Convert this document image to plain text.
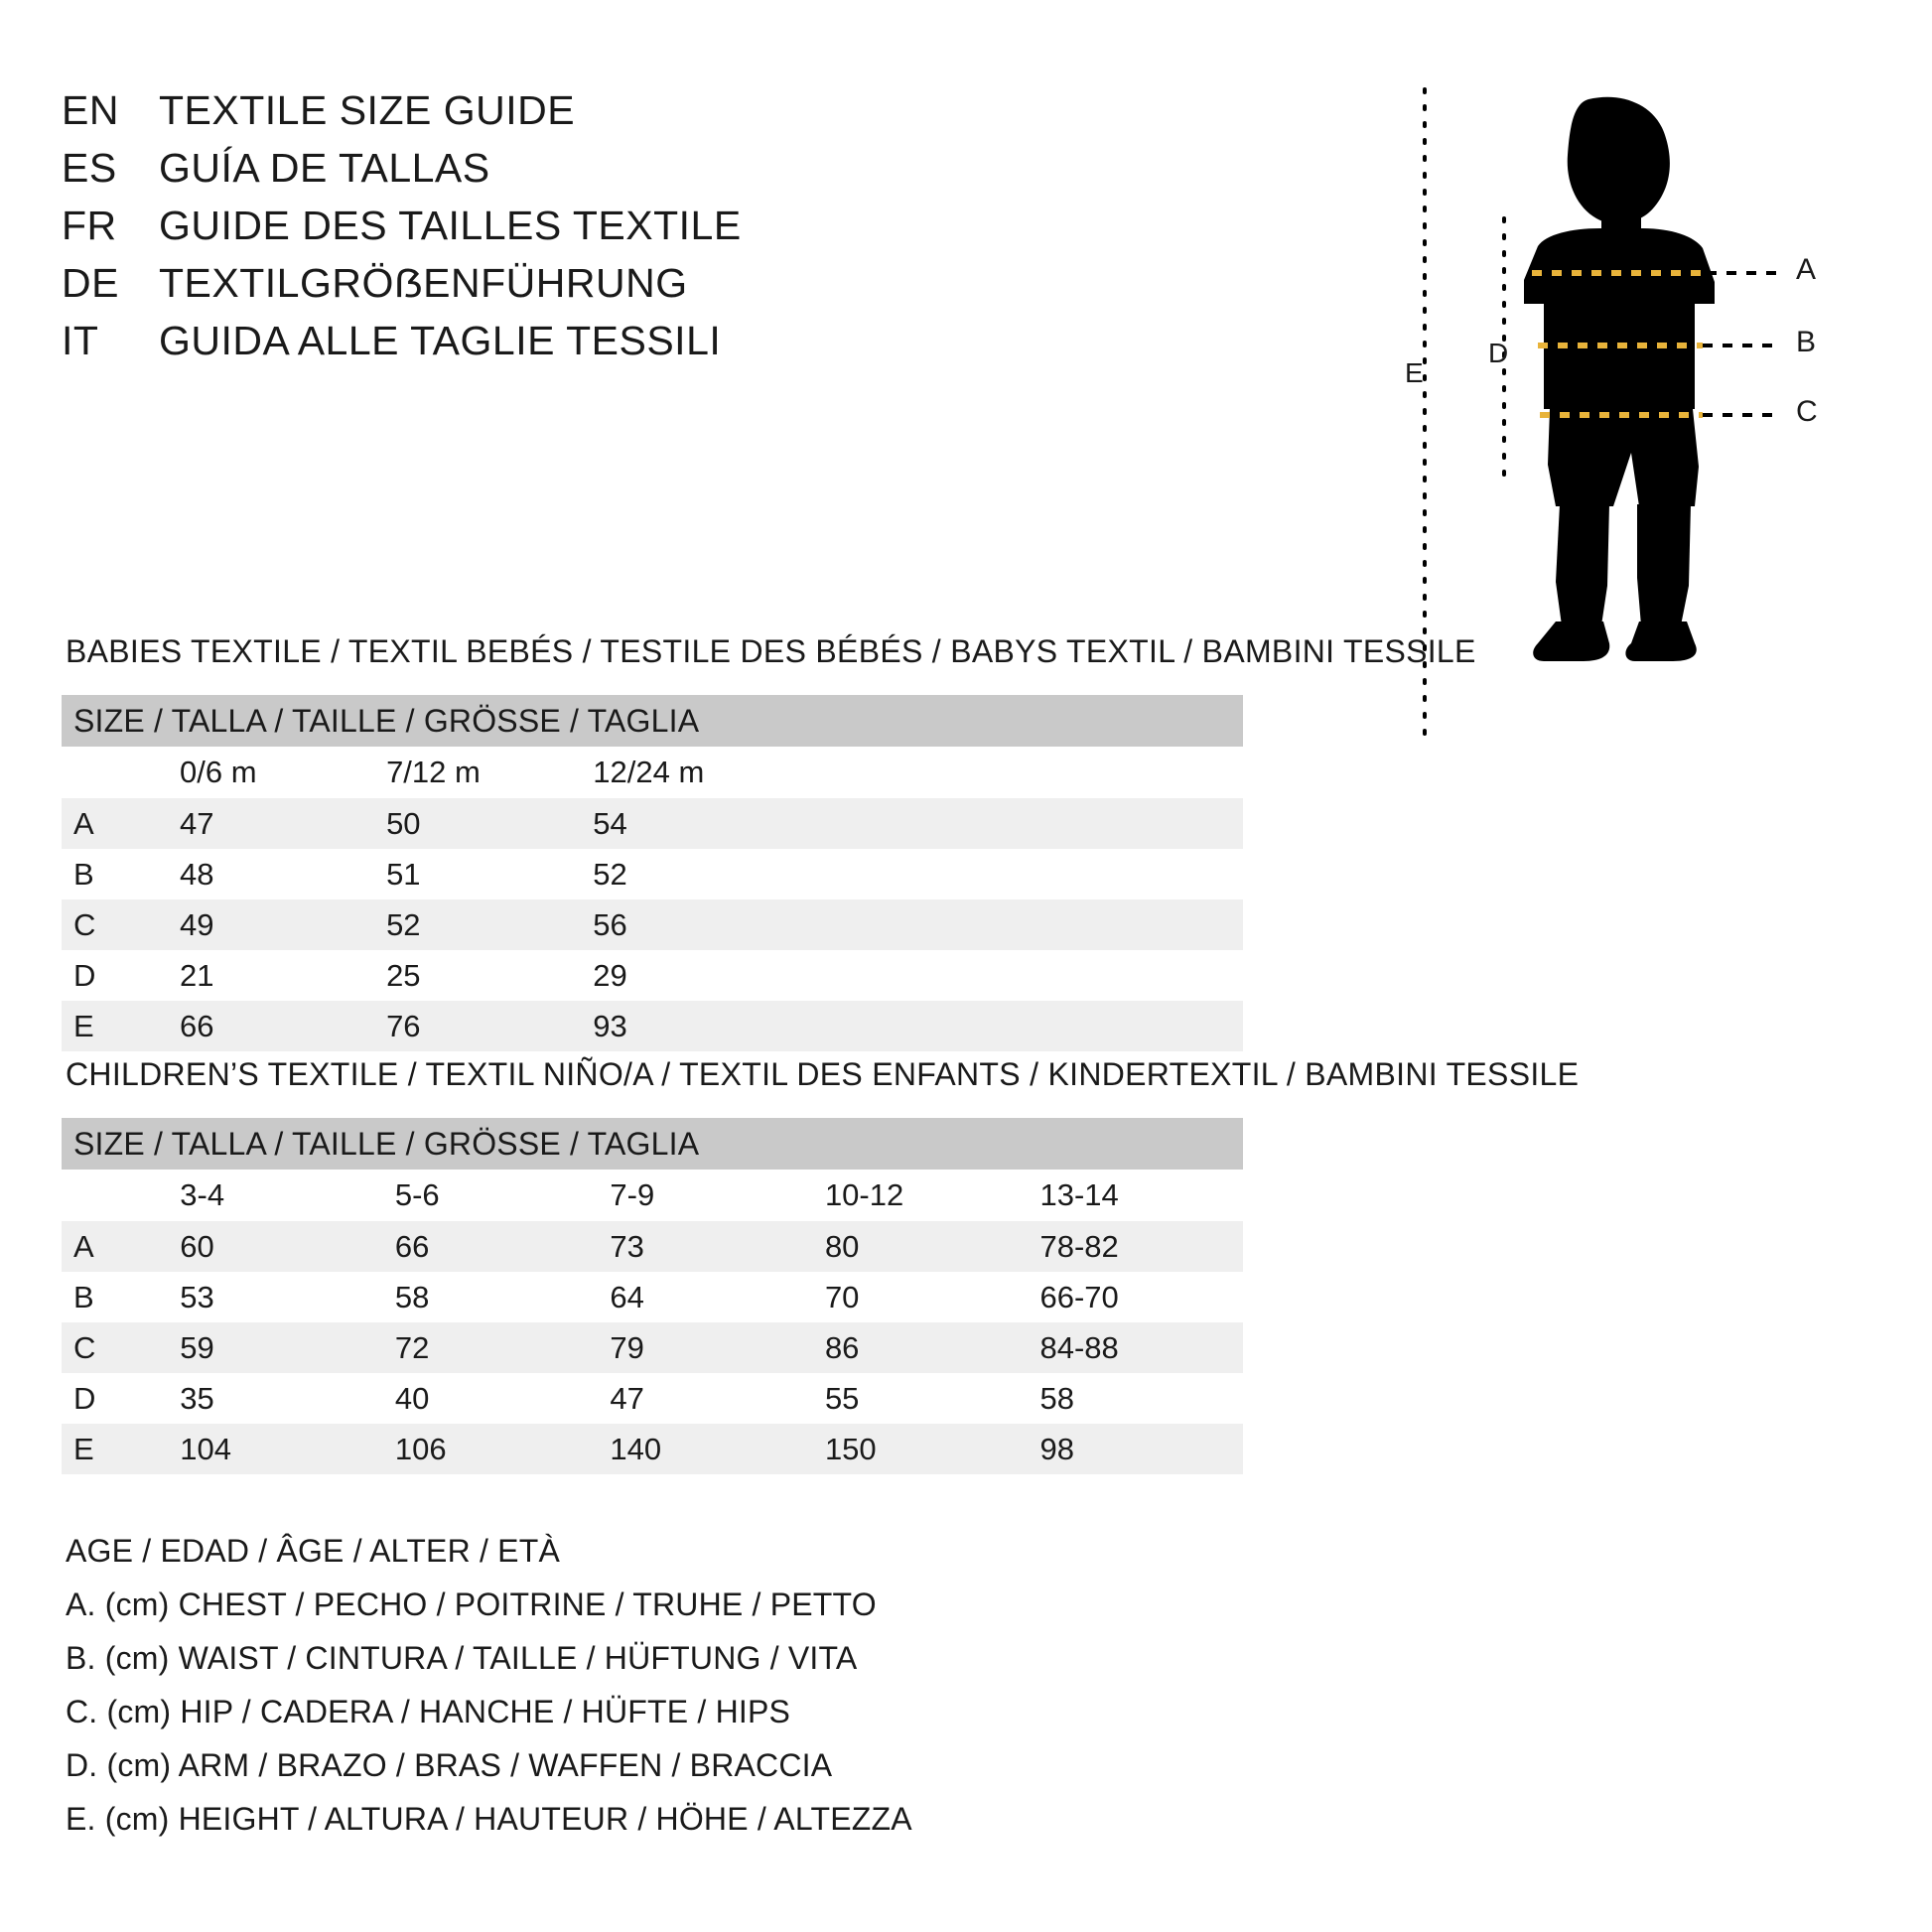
EN TEXTILE SIZE GUIDE
ES	GUÍA DE TALLAS
FR	GUIDE DES TAILLES TEXTILE
DE TEXTILGRÖẞENFÜHRUNG
IT	GUIDA ALLE TAGLIE TESSILI
A
B
C
D
E
BABIES TEXTILE / TEXTIL BEBÉS / TESTILE DES BÉBÉS / BABYS TEXTIL / BAMBINI TESSILE
SIZE / TALLA / TAILLE / GRÖSSE / TAGLIA				
	0/6 m	7/12 m	12/24 m	
A	47	50	54	
B	48	51	52	
C	49	52	56	
D	21	25	29	
E	66	76	93	
CHILDREN’S TEXTILE / TEXTIL NIÑO/A / TEXTIL DES ENFANTS / KINDERTEXTIL / BAMBINI TESSILE
SIZE / TALLA / TAILLE / GRÖSSE / TAGLIA					
	3-4	5-6	7-9	10-12	13-14
A	60	66	73	80	78-82
B	53	58	64	70	66-70
C	59	72	79	86	84-88
D	35	40	47	55	58
E	104	106	140	150	98
AGE / EDAD / ÂGE / ALTER / ETÀ
A. (cm) CHEST / PECHO / POITRINE / TRUHE / PETTO
B. (cm) WAIST / CINTURA / TAILLE / HÜFTUNG / VITA
C. (cm) HIP / CADERA / HANCHE / HÜFTE / HIPS
D. (cm) ARM / BRAZO / BRAS / WAFFEN / BRACCIA
E. (cm) HEIGHT / ALTURA / HAUTEUR / HÖHE / ALTEZZA
